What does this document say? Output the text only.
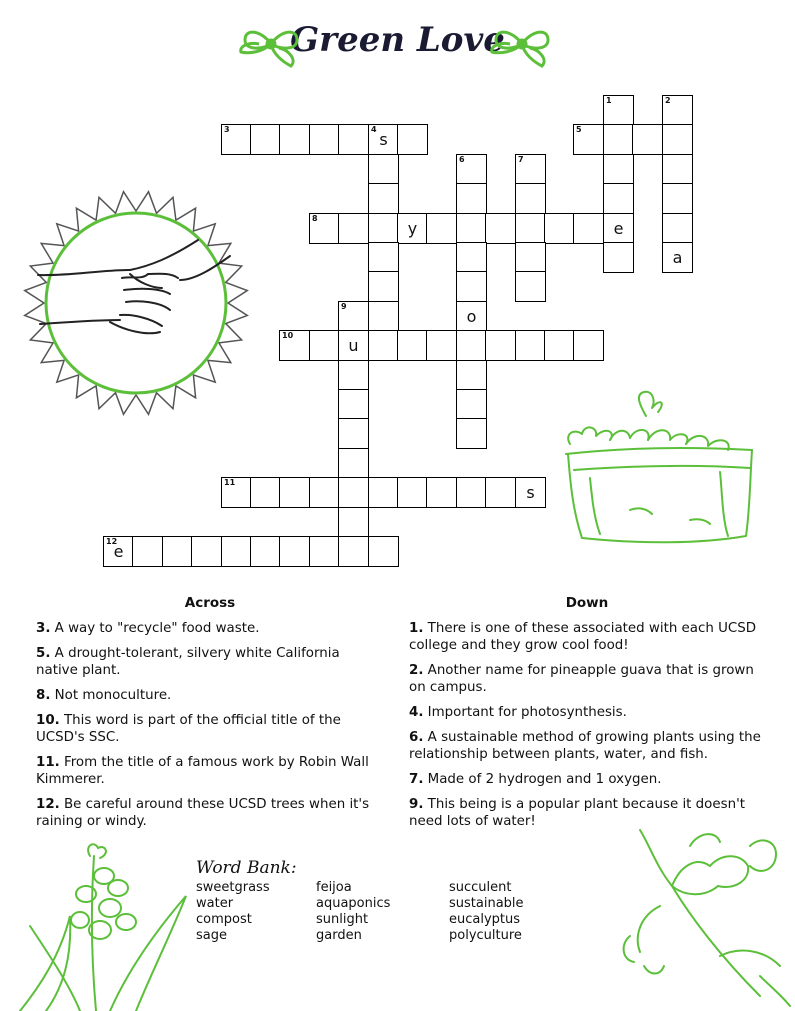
Green Love
1	2
3	4
s
5
6	7
8
y	e
a
9
o
10
u
11
s
12
e
Across
3. A way to "recycle" food waste.
5. A drought-tolerant, silvery white California native plant.
8. Not monoculture.
10. This word is part of the official title of the UCSD's SSC.
11. From the title of a famous work by Robin Wall Kimmerer.
12. Be careful around these UCSD trees when it's raining or windy.
Down
1. There is one of these associated with each UCSD college and they grow cool food!
2. Another name for pineapple guava that is grown on campus.
4. Important for photosynthesis.
6. A sustainable method of growing plants using the relationship between plants, water, and fish.
7. Made of 2 hydrogen and 1 oxygen.
9. This being is a popular plant because it doesn't need lots of water!
Word Bank:
sweetgrass
water
compost
sage
feijoa
aquaponics
sunlight
garden
succulent
sustainable
eucalyptus
polyculture
